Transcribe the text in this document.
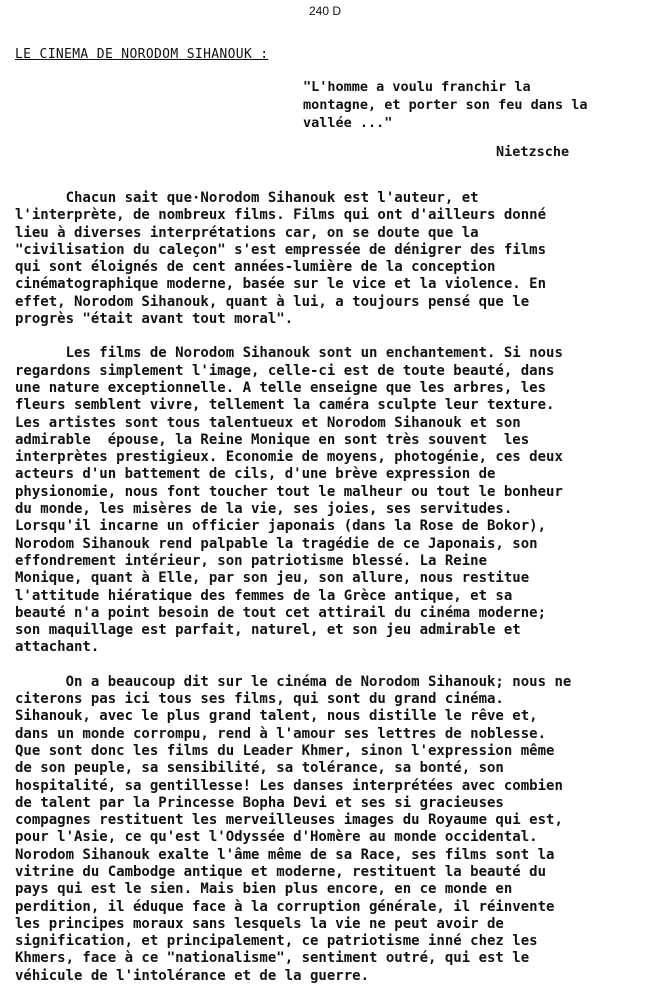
240 D
LE CINEMA DE NORODOM SIHANOUK :
"L'homme a voulu franchir la
montagne, et porter son feu dans la
vallée ..."
Nietzsche
Chacun sait que·Norodom Sihanouk est l'auteur, et
l'interprète, de nombreux films. Films qui ont d'ailleurs donné
lieu à diverses interprétations car, on se doute que la
"civilisation du caleçon" s'est empressée de dénigrer des films
qui sont éloignés de cent années-lumière de la conception
cinématographique moderne, basée sur le vice et la violence. En
effet, Norodom Sihanouk, quant à lui, a toujours pensé que le
progrès "était avant tout moral".
Les films de Norodom Sihanouk sont un enchantement. Si nous
regardons simplement l'image, celle-ci est de toute beauté, dans
une nature exceptionnelle. A telle enseigne que les arbres, les
fleurs semblent vivre, tellement la caméra sculpte leur texture.
Les artistes sont tous talentueux et Norodom Sihanouk et son
admirable  épouse, la Reine Monique en sont très souvent  les
interprètes prestigieux. Economie de moyens, photogénie, ces deux
acteurs d'un battement de cils, d'une brève expression de
physionomie, nous font toucher tout le malheur ou tout le bonheur
du monde, les misères de la vie, ses joies, ses servitudes.
Lorsqu'il incarne un officier japonais (dans la Rose de Bokor),
Norodom Sihanouk rend palpable la tragédie de ce Japonais, son
effondrement intérieur, son patriotisme blessé. La Reine
Monique, quant à Elle, par son jeu, son allure, nous restitue
l'attitude hiératique des femmes de la Grèce antique, et sa
beauté n'a point besoin de tout cet attirail du cinéma moderne;
son maquillage est parfait, naturel, et son jeu admirable et
attachant.
On a beaucoup dit sur le cinéma de Norodom Sihanouk; nous ne
citerons pas ici tous ses films, qui sont du grand cinéma.
Sihanouk, avec le plus grand talent, nous distille le rêve et,
dans un monde corrompu, rend à l'amour ses lettres de noblesse.
Que sont donc les films du Leader Khmer, sinon l'expression même
de son peuple, sa sensibilité, sa tolérance, sa bonté, son
hospitalité, sa gentillesse! Les danses interprétées avec combien
de talent par la Princesse Bopha Devi et ses si gracieuses
compagnes restituent les merveilleuses images du Royaume qui est,
pour l'Asie, ce qu'est l'Odyssée d'Homère au monde occidental.
Norodom Sihanouk exalte l'âme même de sa Race, ses films sont la
vitrine du Cambodge antique et moderne, restituent la beauté du
pays qui est le sien. Mais bien plus encore, en ce monde en
perdition, il éduque face à la corruption générale, il réinvente
les principes moraux sans lesquels la vie ne peut avoir de
signification, et principalement, ce patriotisme inné chez les
Khmers, face à ce "nationalisme", sentiment outré, qui est le
véhicule de l'intolérance et de la guerre.
